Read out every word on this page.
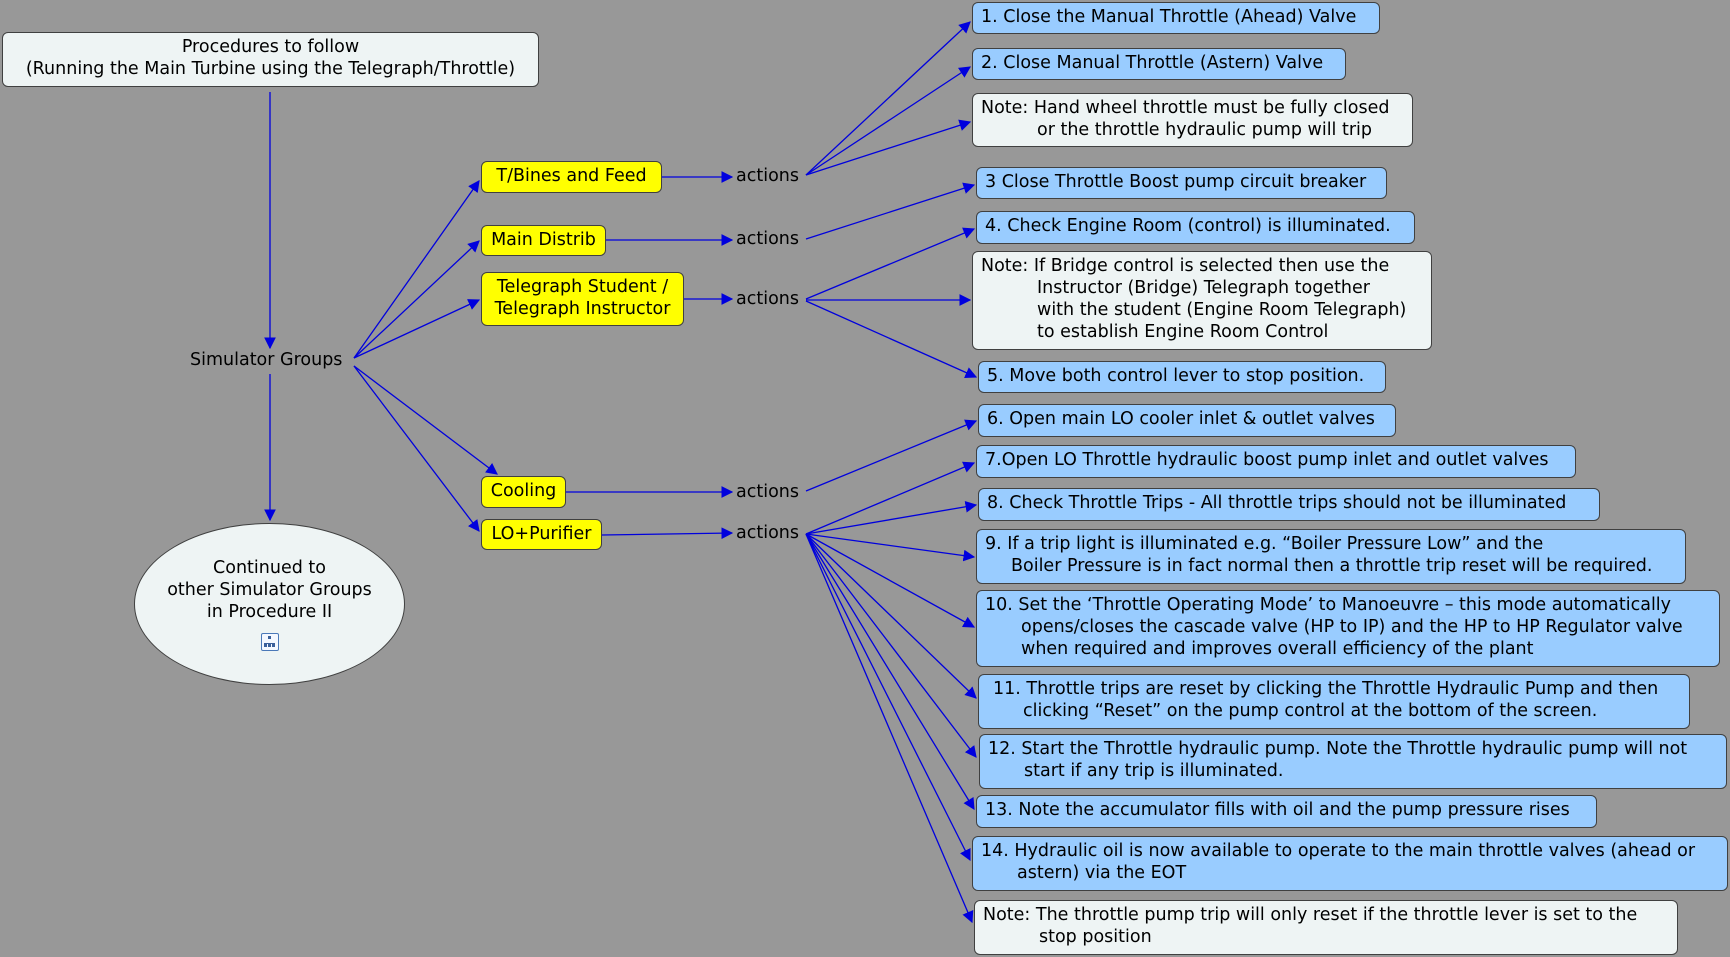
Procedures to follow
(Running the Main Turbine using the Telegraph/Throttle)
Simulator Groups
Continued to
other Simulator Groups
in Procedure II
T/Bines and Feed
Main Distrib
Telegraph Student /
Telegraph Instructor
Cooling
LO+Purifier
actions
actions
actions
actions
actions
1. Close the Manual Throttle (Ahead) Valve
2. Close Manual Throttle (Astern) Valve
Note: Hand wheel throttle must be fully closed
or the throttle hydraulic pump will trip
3 Close Throttle Boost pump circuit breaker
4. Check Engine Room (control) is illuminated.
Note: If Bridge control is selected then use the
Instructor (Bridge) Telegraph together
with the student (Engine Room Telegraph)
to establish Engine Room Control
5. Move both control lever to stop position.
6. Open main LO cooler inlet & outlet valves
7.Open LO Throttle hydraulic boost pump inlet and outlet valves
8. Check Throttle Trips - All throttle trips should not be illuminated
9. If a trip light is illuminated e.g. “Boiler Pressure Low” and the
Boiler Pressure is in fact normal then a throttle trip reset will be required.
10. Set the ‘Throttle Operating Mode’ to Manoeuvre – this mode automatically
opens/closes the cascade valve (HP to IP) and the HP to HP Regulator valve
when required and improves overall efficiency of the plant
11. Throttle trips are reset by clicking the Throttle Hydraulic Pump and then
clicking “Reset” on the pump control at the bottom of the screen.
12. Start the Throttle hydraulic pump. Note the Throttle hydraulic pump will not
start if any trip is illuminated.
13. Note the accumulator fills with oil and the pump pressure rises
14. Hydraulic oil is now available to operate to the main throttle valves (ahead or
astern) via the EOT
Note: The throttle pump trip will only reset if the throttle lever is set to the
stop position
